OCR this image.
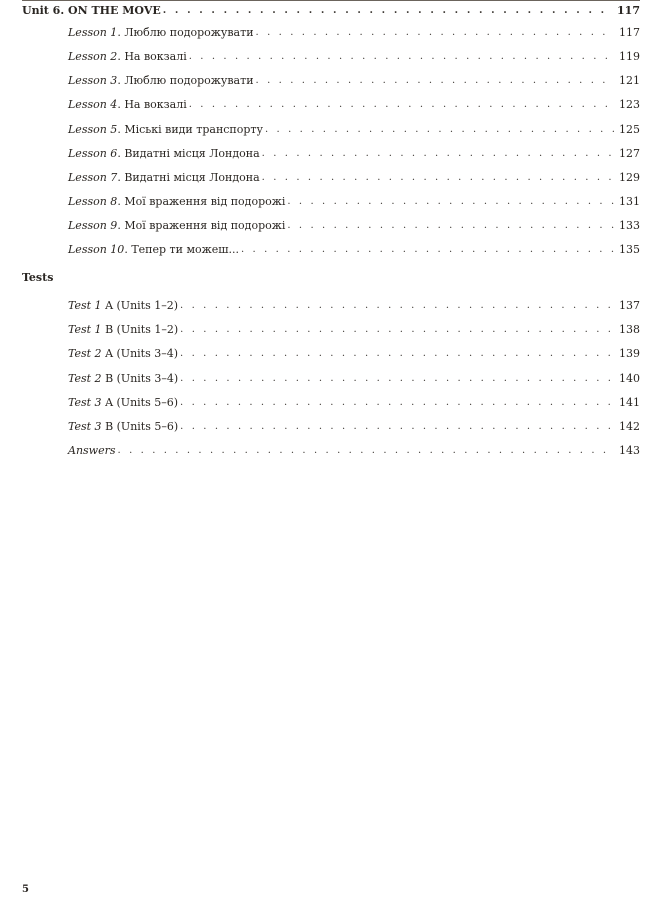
Unit 6. ON THE MOVE . . .	117
Lesson 1. Люблю подорожувати . . .	117
Lesson 2. На вокзалі . . .	119
Lesson 3. Люблю подорожувати . . .	121
Lesson 4. На вокзалі . . .	123
Lesson 5. Міські види транспорту . . .	125
Lesson 6. Видатні місця Лондона . . .	127
Lesson 7. Видатні місця Лондона . . .	129
Lesson 8. Мої враження від подорожі . . .	131
Lesson 9. Мої враження від подорожі . . .	133
Lesson 10. Тепер ти можеш... . . .	135
Tests
Test 1 A (Units 1–2) . . .	137
Test 1 B (Units 1–2) . . .	138
Test 2 A (Units 3–4) . . .	139
Test 2 B (Units 3–4) . . .	140
Test 3 A (Units 5–6) . . .	141
Test 3 B (Units 5–6) . . .	142
Answers . . .	143
5
